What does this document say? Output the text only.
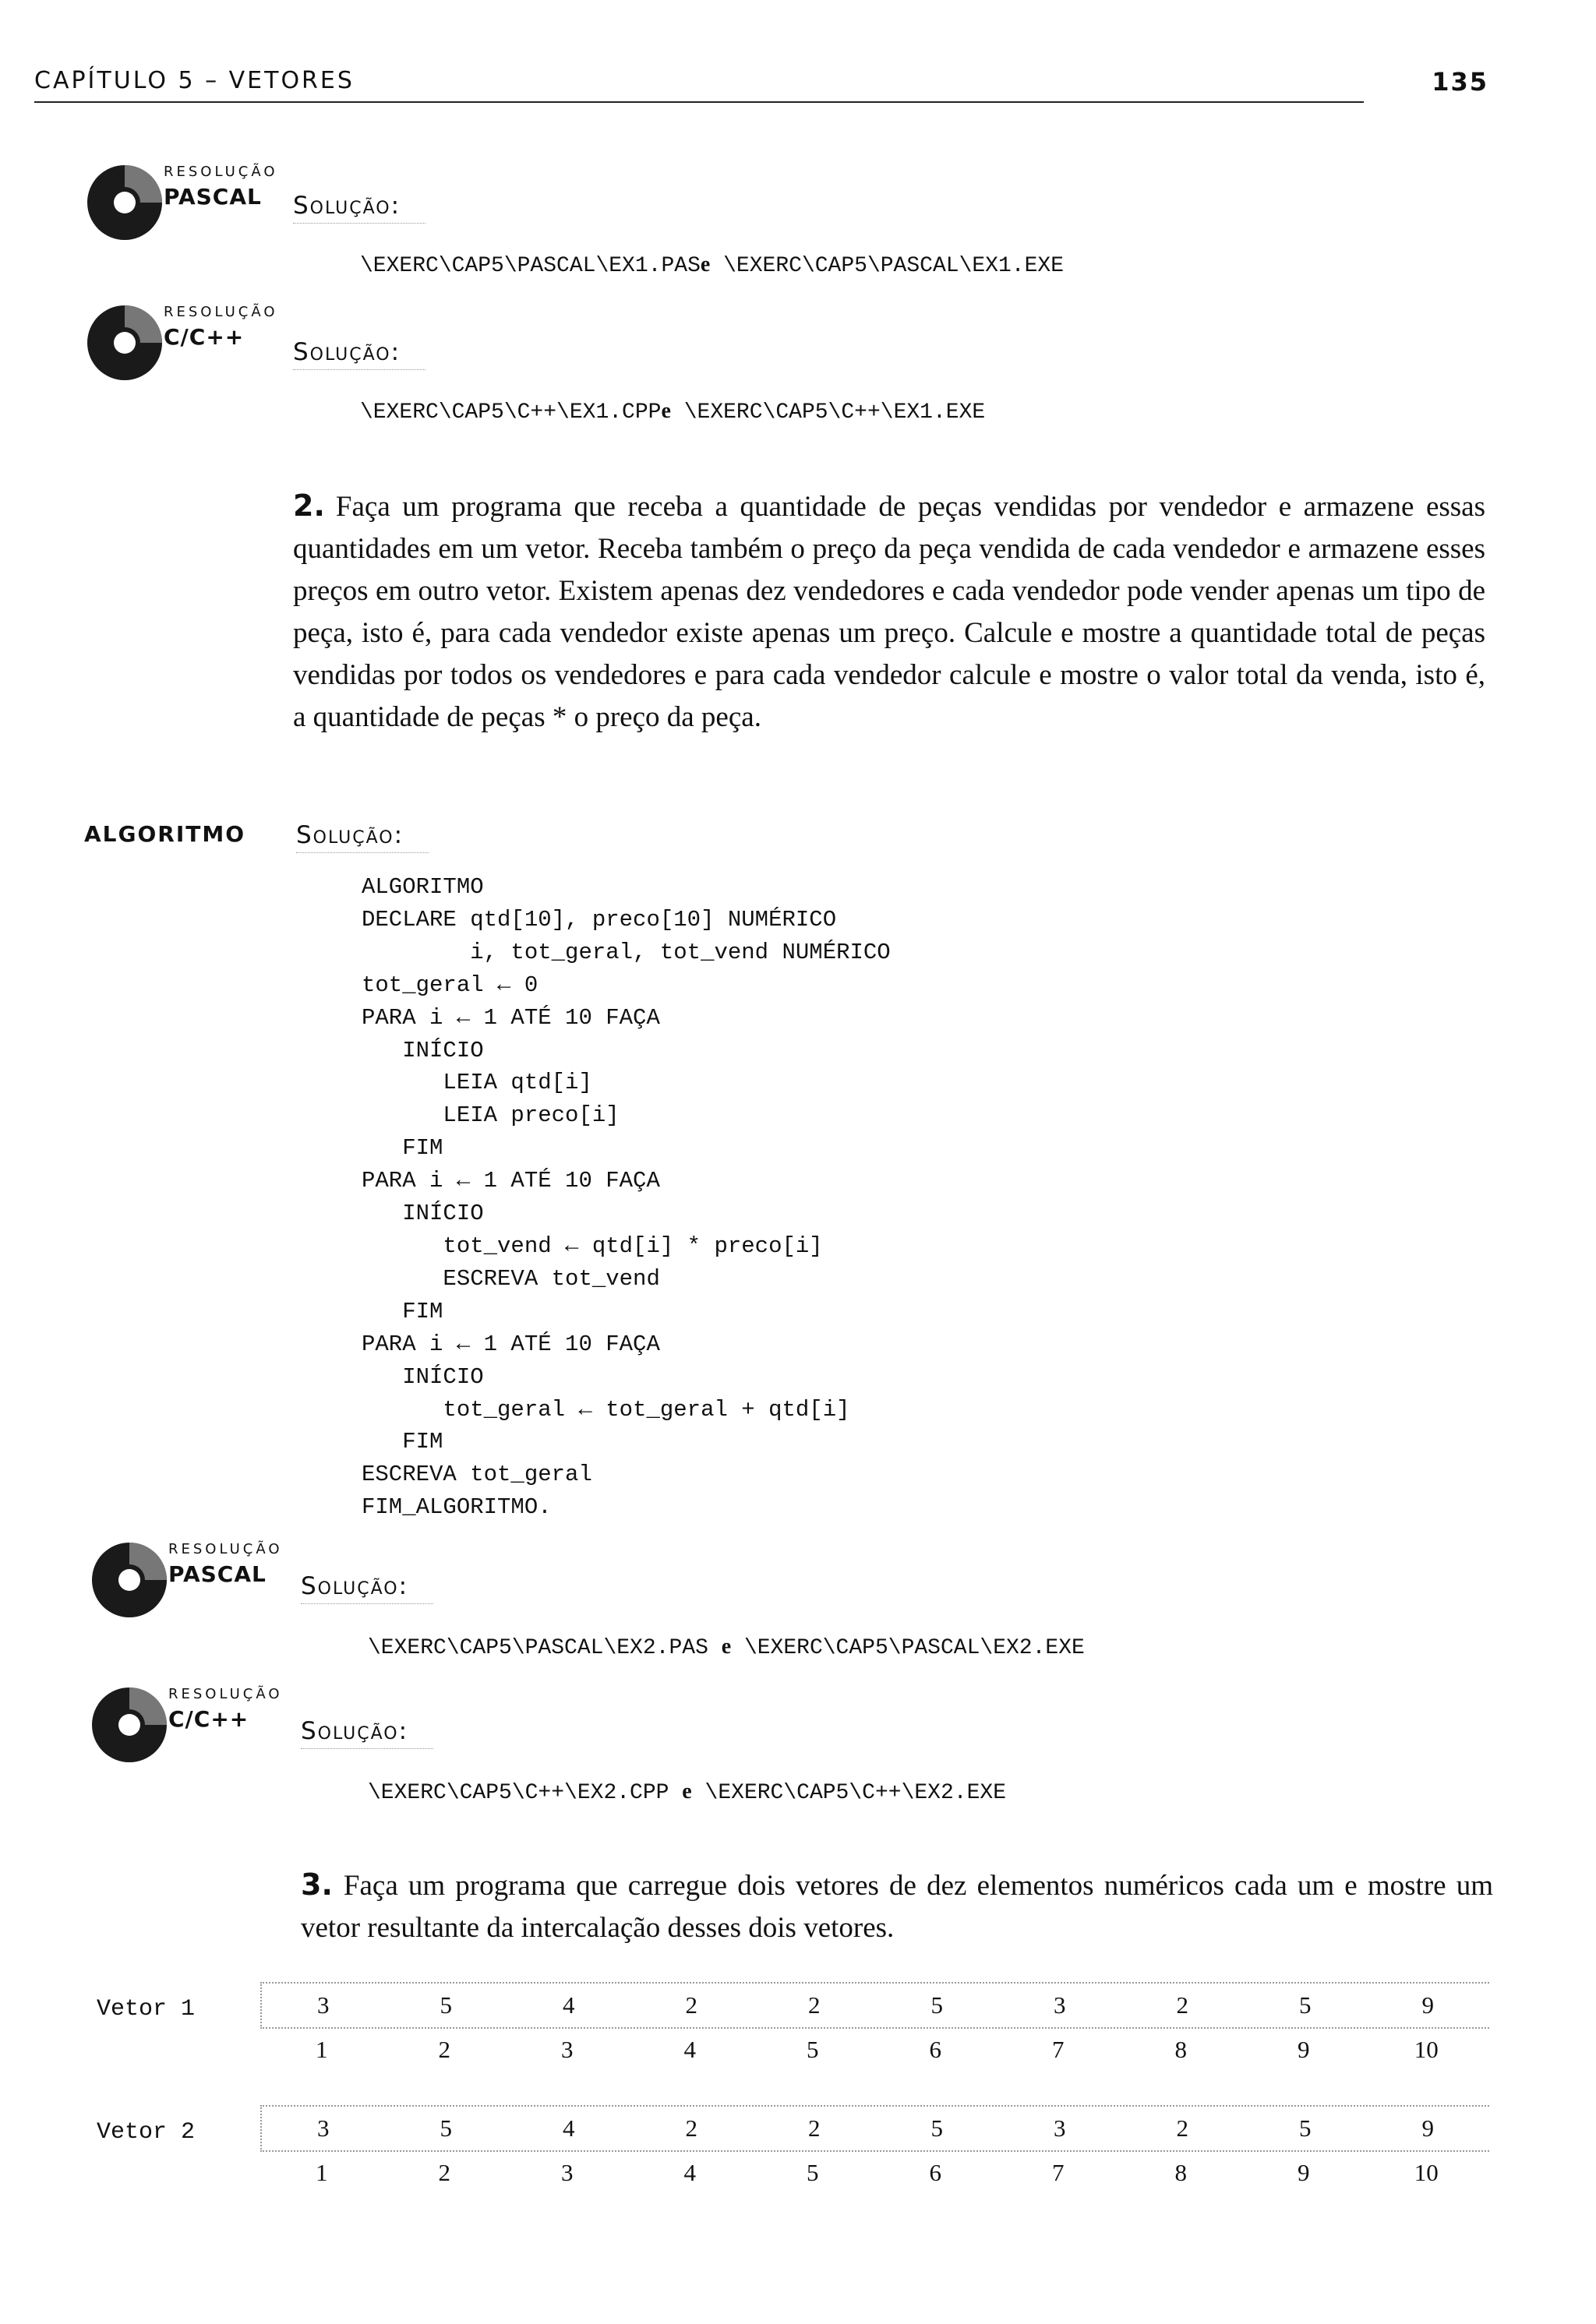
CAPÍTULO 5 – VETORES	135
RESOLUÇÃO
PASCAL Solução:
\EXERC\CAP5\PASCAL\EX1.PASe \EXERC\CAP5\PASCAL\EX1.EXE
RESOLUÇÃO
C/C++
Solução:
\EXERC\CAP5\C++\EX1.CPPe \EXERC\CAP5\C++\EX1.EXE
2. Faça um programa que receba a quantidade de peças vendidas por vendedor e armazene essas quantidades em um vetor. Receba também o preço da peça vendida de cada vendedor e armazene esses preços em outro vetor. Existem apenas dez vendedores e cada vendedor pode vender apenas um tipo de peça, isto é, para cada vendedor existe apenas um preço. Calcule e mostre a quantidade total de peças vendidas por todos os vendedores e para cada vendedor calcule e mostre o valor total da venda, isto é, a quantidade de peças * o preço da peça.
ALGORITMO Solução:
ALGORITMO
DECLARE qtd[10], preco[10] NUMÉRICO
i, tot_geral, tot_vend NUMÉRICO
tot_geral ← 0
PARA i ← 1 ATÉ 10 FAÇA
INÍCIO
LEIA qtd[i]
LEIA preco[i]
FIM
PARA i ← 1 ATÉ 10 FAÇA
INÍCIO
tot_vend ← qtd[i] * preco[i]
ESCREVA tot_vend
FIM
PARA i ← 1 ATÉ 10 FAÇA
INÍCIO
tot_geral ← tot_geral + qtd[i]
FIM
ESCREVA tot_geral
FIM_ALGORITMO.
RESOLUÇÃO
PASCAL Solução:
\EXERC\CAP5\PASCAL\EX2.PAS e \EXERC\CAP5\PASCAL\EX2.EXE
RESOLUÇÃO
C/C++ Solução:
\EXERC\CAP5\C++\EX2.CPP e \EXERC\CAP5\C++\EX2.EXE
3. Faça um programa que carregue dois vetores de dez elementos numéricos cada um e mostre um vetor resultante da intercalação desses dois vetores.
Vetor 1	3	5	4	2	2	5	3	2	5	9
1	2	3	4	5	6	7	8	9	10
Vetor 2	3	5	4	2	2	5	3	2	5	9
1	2	3	4	5	6	7	8	9	10
